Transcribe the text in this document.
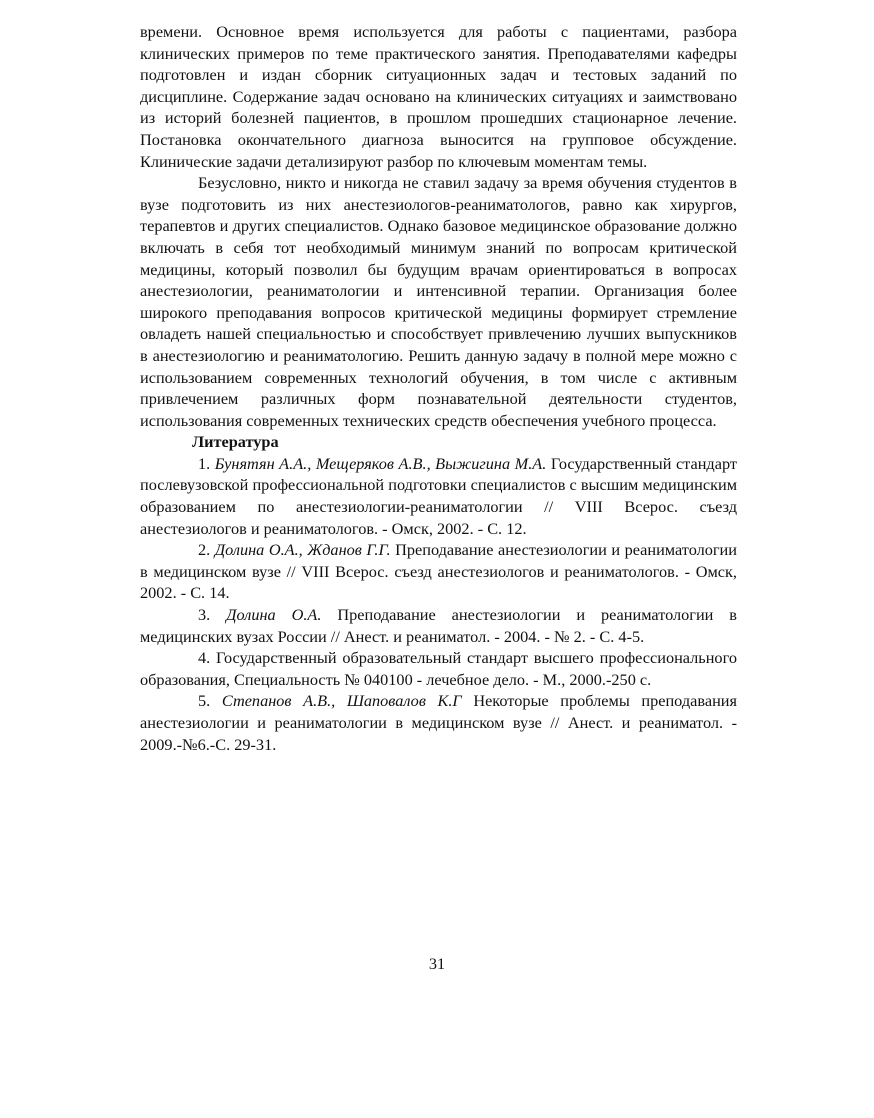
времени. Основное время используется для работы с пациентами, разбора клинических примеров по теме практического занятия. Преподавателями кафедры подготовлен и издан сборник ситуационных задач и тестовых заданий по дисциплине. Содержание задач основано на клинических ситуациях и заимствовано из историй болезней пациентов, в прошлом прошедших стационарное лечение. Постановка окончательного диагноза выносится на групповое обсуждение. Клинические задачи детализируют разбор по ключевым моментам темы.

Безусловно, никто и никогда не ставил задачу за время обучения студентов в вузе подготовить из них анестезиологов-реаниматологов, равно как хирургов, терапевтов и других специалистов. Однако базовое медицинское образование должно включать в себя тот необходимый минимум знаний по вопросам критической медицины, который позволил бы будущим врачам ориентироваться в вопросах анестезиологии, реаниматологии и интенсивной терапии. Организация более широкого преподавания вопросов критической медицины формирует стремление овладеть нашей специальностью и способствует привлечению лучших выпускников в анестезиологию и реаниматологию. Решить данную задачу в полной мере можно с использованием современных технологий обучения, в том числе с активным привлечением различных форм познавательной деятельности студентов, использования современных технических средств обеспечения учебного процесса.

Литература

1. Бунятян А.А., Мещеряков А.В., Выжигина М.А. Государственный стандарт послевузовской профессиональной подготовки специалистов с высшим медицинским образованием по анестезиологии-реаниматологии // VIII Всерос. съезд анестезиологов и реаниматологов. - Омск, 2002. - С. 12.

2. Долина О.А., Жданов Г.Г. Преподавание анестезиологии и реаниматологии в медицинском вузе // VIII Всерос. съезд анестезиологов и реаниматологов. - Омск, 2002. - С. 14.

3. Долина О.А. Преподавание анестезиологии и реаниматологии в медицинских вузах России // Анест. и реаниматол. - 2004. - № 2. - С. 4-5.

4. Государственный образовательный стандарт высшего профессионального образования, Специальность № 040100 - лечебное дело. - М., 2000.-250 с.

5. Степанов А.В., Шаповалов К.Г Некоторые проблемы преподавания анестезиологии и реаниматологии в медицинском вузе // Анест. и реаниматол. - 2009.-№6.-С. 29-31.

31
